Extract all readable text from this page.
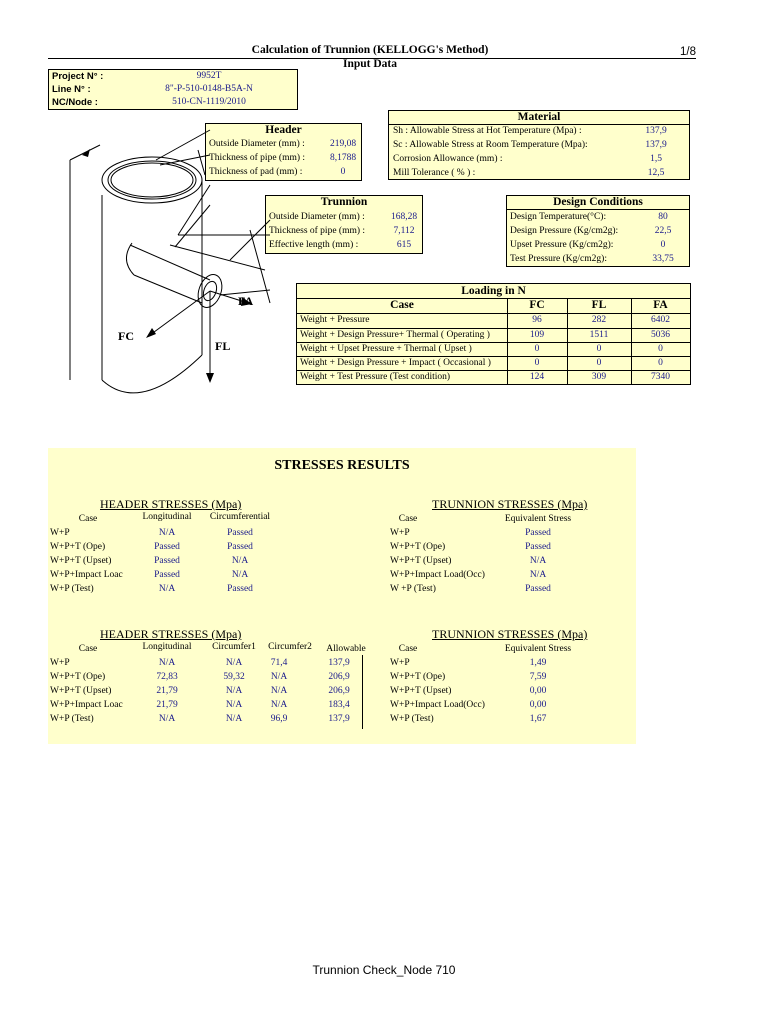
Calculation of Trunnion (KELLOGG's Method)
Input Data
1/8
Project N° :	9952T
Line N° :	8"-P-510-0148-B5A-N
NC/Node :	510-CN-1119/2010
Material
Sh : Allowable Stress at Hot Temperature (Mpa) :	137,9
Sc : Allowable Stress at Room Temperature (Mpa):	137,9
Corrosion Allowance (mm) :	1,5
Mill Tolerance ( % ) :	12,5
Header
Outside Diameter (mm) :	219,08
Thickness of pipe (mm) :	8,1788
Thickness of pad (mm) :	0
Trunnion
Outside Diameter (mm) :	168,28
Thickness of pipe (mm) :	7,112
Effective length (mm) :	615
Design Conditions
Design Temperature(°C):	80
Design Pressure (Kg/cm2g):	22,5
Upset Pressure (Kg/cm2g):	0
Test Pressure (Kg/cm2g):	33,75
FA
FC
FL
Loading in N
Case	FC	FL	FA
Weight + Pressure	96	282	6402
Weight + Design Pressure+ Thermal ( Operating )	109	1511	5036
Weight + Upset Pressure + Thermal ( Upset )	0	0	0
Weight + Design Pressure + Impact ( Occasional )	0	0	0
Weight + Test Pressure (Test condition)	124	309	7340
STRESSES RESULTS
HEADER STRESSES (Mpa)
Case	Longitudinal	Circumferential
W+P	N/A	Passed
W+P+T (Ope)	Passed	Passed
W+P+T (Upset)	Passed	N/A
W+P+Impact Loac	Passed	N/A
W+P (Test)	N/A	Passed
TRUNNION STRESSES (Mpa)
Case	Equivalent Stress
W+P	Passed
W+P+T (Ope)	Passed
W+P+T (Upset)	N/A
W+P+Impact Load(Occ)	N/A
W +P (Test)	Passed
HEADER STRESSES (Mpa)
Case	Longitudinal	Circumfer1	Circumfer2	Allowable
W+P	N/A	N/A	71,4	137,9
W+P+T (Ope)	72,83	59,32	N/A	206,9
W+P+T (Upset)	21,79	N/A	N/A	206,9
W+P+Impact Loac	21,79	N/A	N/A	183,4
W+P (Test)	N/A	N/A	96,9	137,9
TRUNNION STRESSES (Mpa)
Case	Equivalent Stress
W+P	1,49
W+P+T (Ope)	7,59
W+P+T (Upset)	0,00
W+P+Impact Load(Occ)	0,00
W+P (Test)	1,67
Trunnion Check_Node 710
